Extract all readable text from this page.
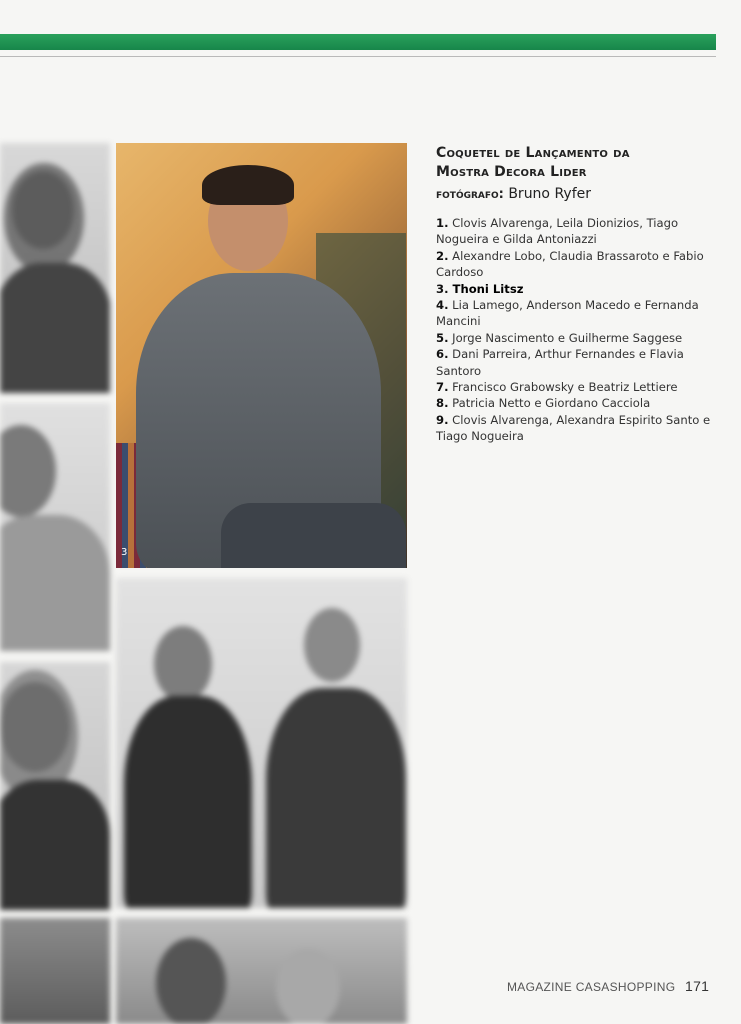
3
Coquetel de Lançamento da
Mostra Decora Lider
fotógrafo: Bruno Ryfer

1. Clovis Alvarenga, Leila Dionizios, Tiago Nogueira e Gilda Antoniazzi

2. Alexandre Lobo, Claudia Brassaroto e Fabio Cardoso

3. Thoni Litsz

4. Lia Lamego, Anderson Macedo e Fernanda Mancini

5. Jorge Nascimento e Guilherme Saggese

6. Dani Parreira, Arthur Fernandes e Flavia Santoro

7. Francisco Grabowsky e Beatriz Lettiere

8. Patricia Netto e Giordano Cacciola

9. Clovis Alvarenga, Alexandra Espirito Santo e Tiago Nogueira

MAGAZINE CASASHOPPING 171
